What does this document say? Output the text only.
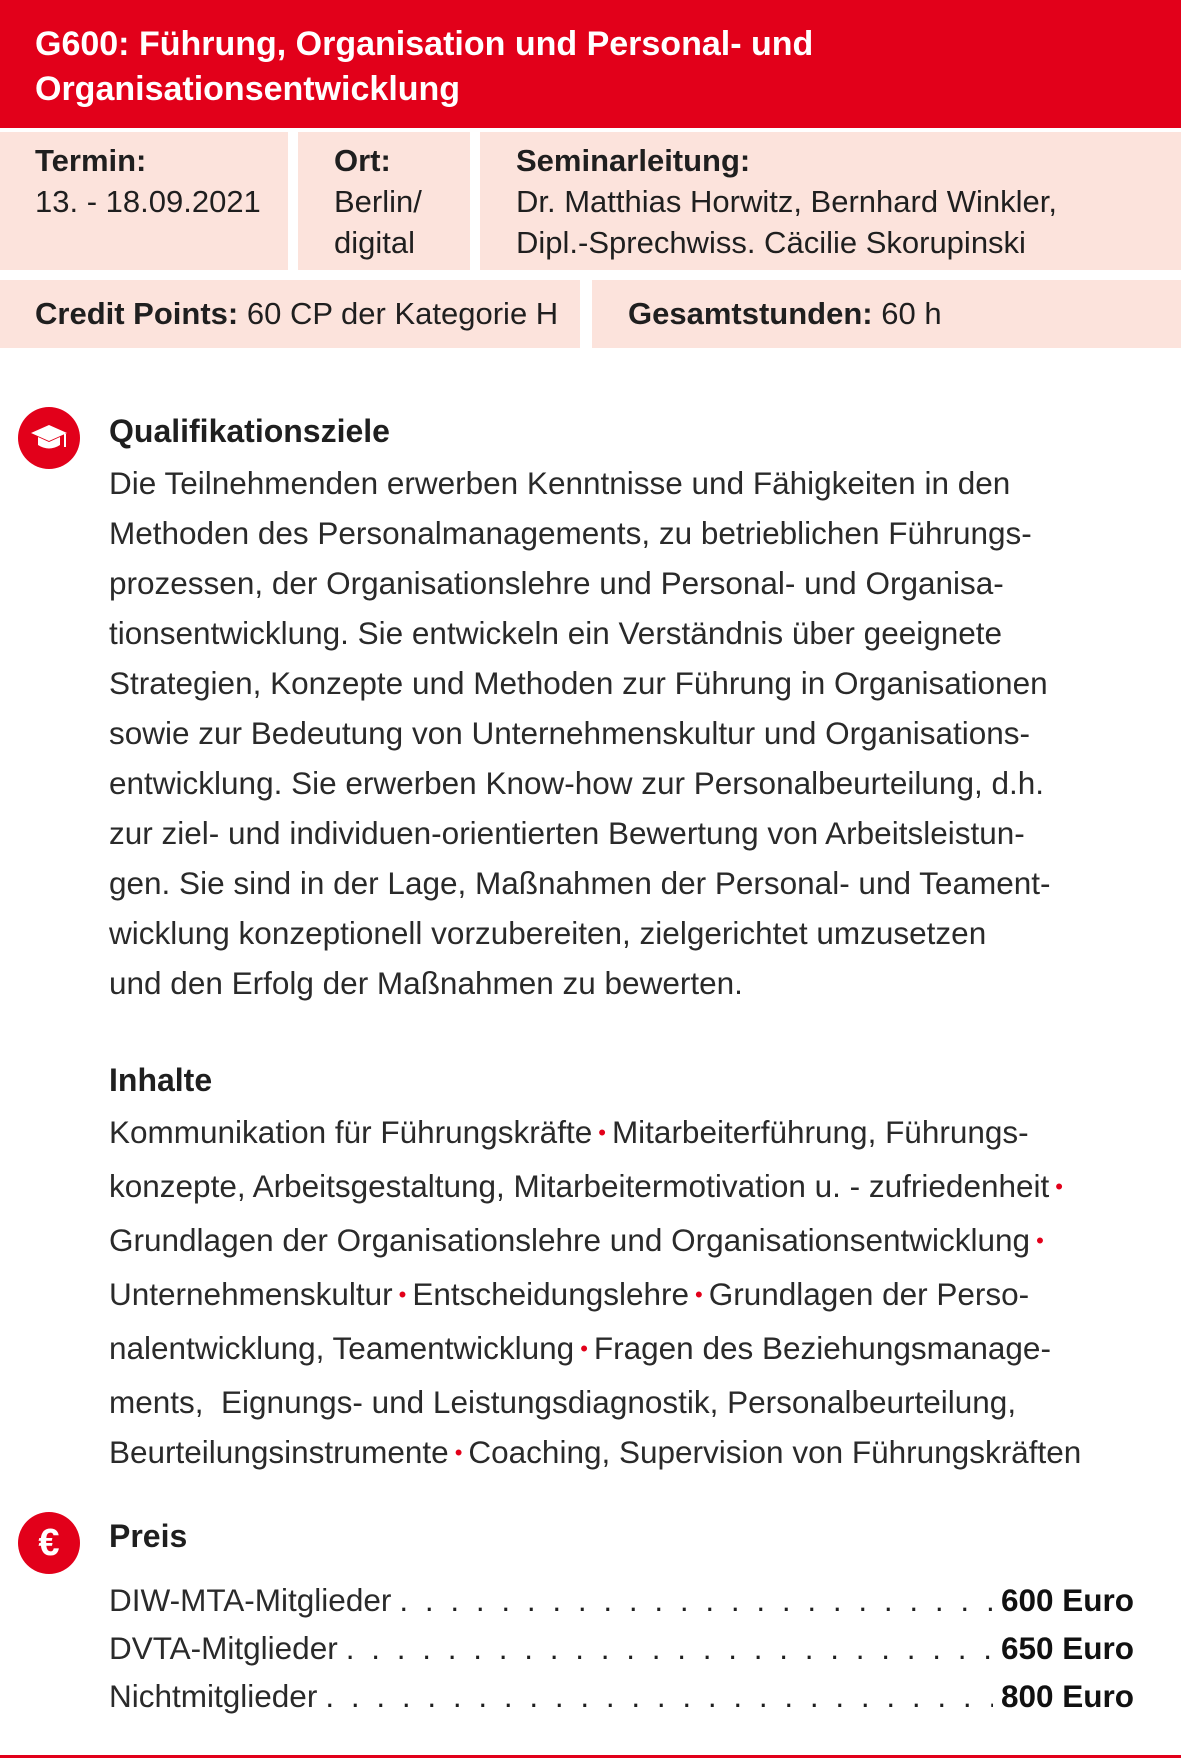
G600: Führung, Organisation und Personal- und
Organisationsentwicklung
Termin:
13. - 18.09.2021
Ort:
Berlin/
digital
Seminarleitung:
Dr. Matthias Horwitz, Bernhard Winkler,
Dipl.-Sprechwiss. Cäcilie Skorupinski
Credit Points: 60 CP der Kategorie H	Gesamtstunden: 60 h
Qualifikationsziele
Die Teilnehmenden erwerben Kenntnisse und Fähigkeiten in den
Methoden des Personalmanagements, zu betrieblichen Führungs-
prozessen, der Organisationslehre und Personal- und Organisa-
tionsentwicklung. Sie entwickeln ein Verständnis über geeignete
Strategien, Konzepte und Methoden zur Führung in Organisationen
sowie zur Bedeutung von Unternehmenskultur und Organisations-
entwicklung. Sie erwerben Know-how zur Personalbeurteilung, d.h.
zur ziel- und individuen-orientierten Bewertung von Arbeitsleistun-
gen. Sie sind in der Lage, Maßnahmen der Personal- und Teament-
wicklung konzeptionell vorzubereiten, zielgerichtet umzusetzen
und den Erfolg der Maßnahmen zu bewerten.
Inhalte
Kommunikation für Führungskräfte • Mitarbeiterführung, Führungs-
konzepte, Arbeitsgestaltung, Mitarbeitermotivation u. - zufriedenheit •
Grundlagen der Organisationslehre und Organisationsentwicklung •
Unternehmenskultur • Entscheidungslehre • Grundlagen der Perso-
nalentwicklung, Teamentwicklung • Fragen des Beziehungsmanage-
ments,  Eignungs- und Leistungsdiagnostik, Personalbeurteilung,
Beurteilungsinstrumente • Coaching, Supervision von Führungskräften
€	Preis
DIW-MTA-Mitglieder . . .	600 Euro
DVTA-Mitglieder . . .	650 Euro
Nichtmitglieder . . .	800 Euro
